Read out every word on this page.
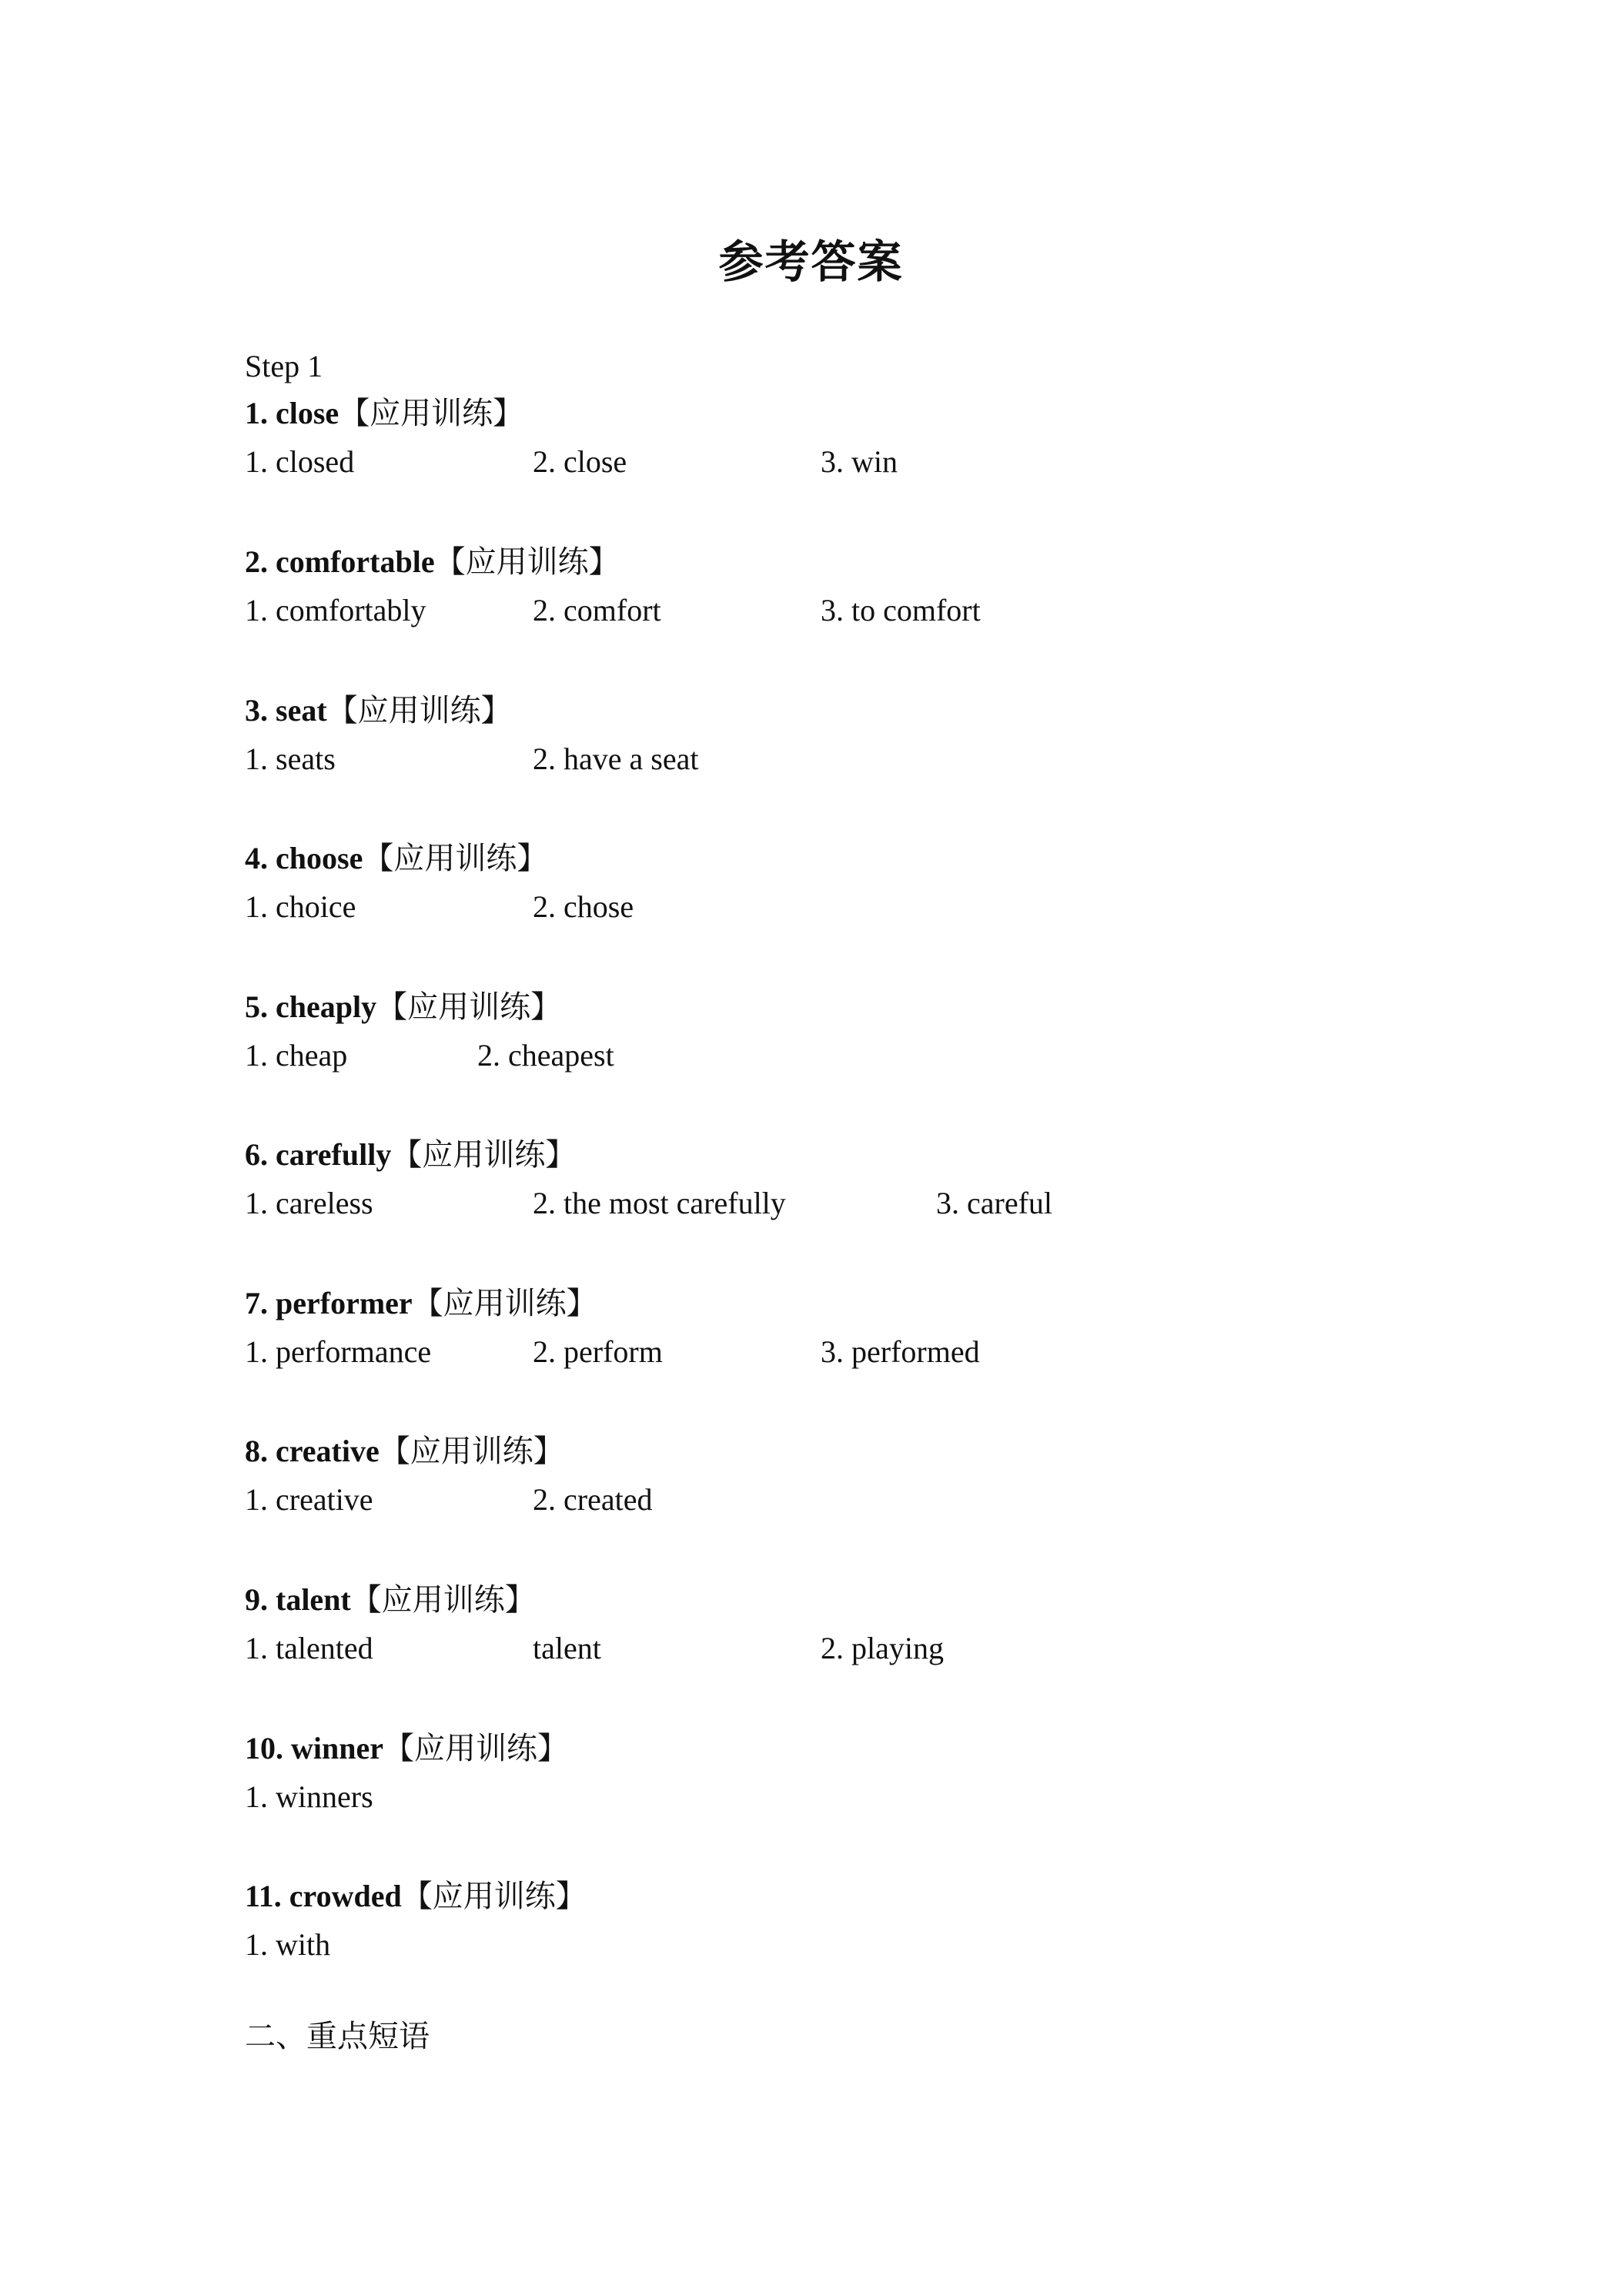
参考答案
Step 1
1. close【应用训练】
1. closed	2. close	3. win
2. comfortable【应用训练】
1. comfortably	2. comfort	3. to comfort
3. seat【应用训练】
1. seats	2. have a seat
4. choose【应用训练】
1. choice	2. chose
5. cheaply【应用训练】
1. cheap	2. cheapest
6. carefully【应用训练】
1. careless	2. the most carefully	3. careful
7. performer【应用训练】
1. performance	2. perform	3. performed
8. creative【应用训练】
1. creative	2. created
9. talent【应用训练】
1. talented	talent	2. playing
10. winner【应用训练】
1. winners
11. crowded【应用训练】
1. with
二、重点短语
